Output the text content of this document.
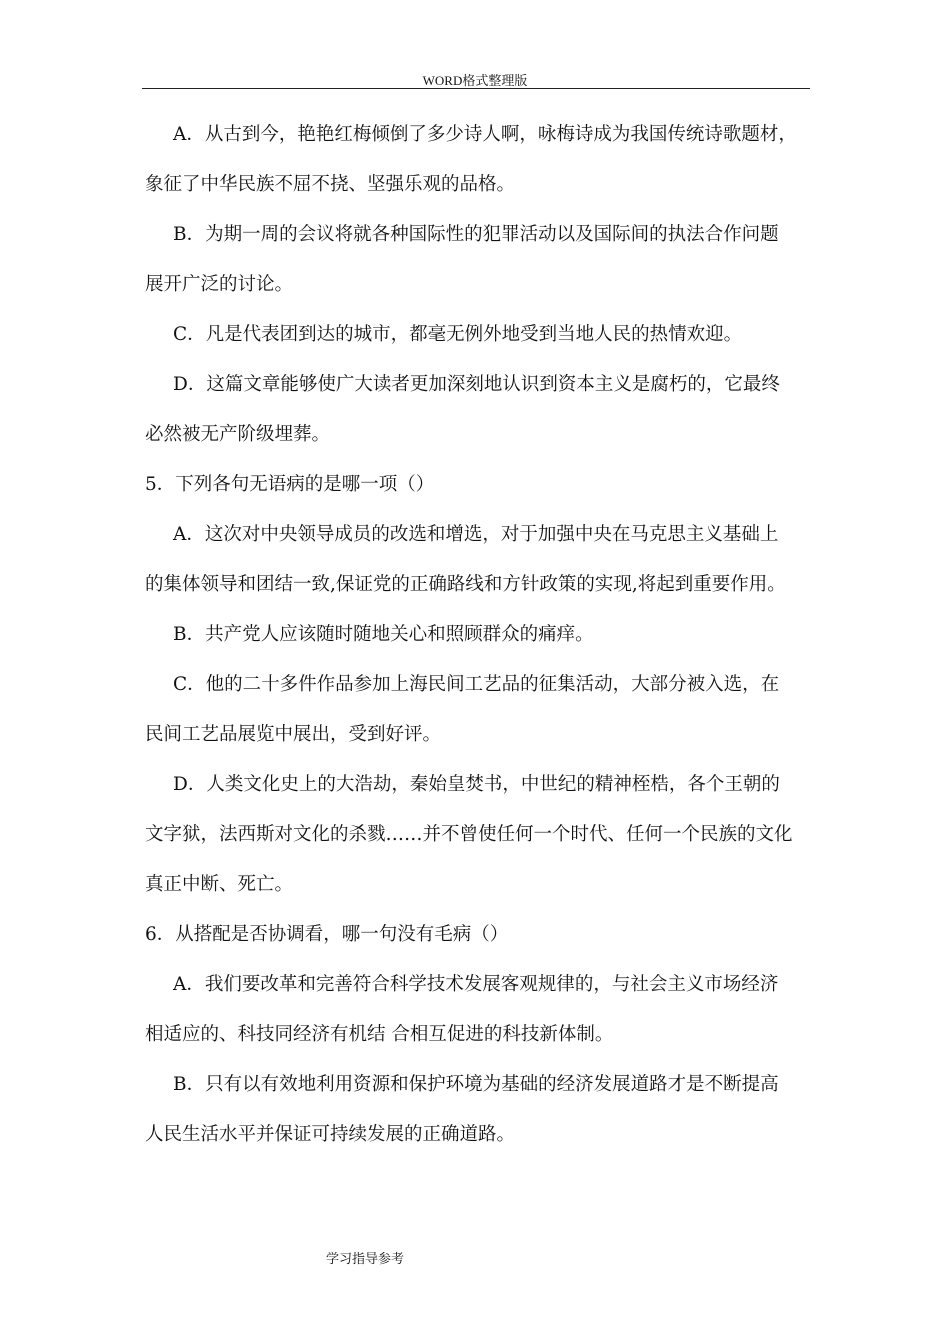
WORD格式整理版
A．从古到今，艳艳红梅倾倒了多少诗人啊，咏梅诗成为我国传统诗歌题材，
象征了中华民族不屈不挠、坚强乐观的品格。
B．为期一周的会议将就各种国际性的犯罪活动以及国际间的执法合作问题
展开广泛的讨论。
C．凡是代表团到达的城市，都毫无例外地受到当地人民的热情欢迎。
D．这篇文章能够使广大读者更加深刻地认识到资本主义是腐朽的，它最终
必然被无产阶级埋葬。
5．下列各句无语病的是哪一项（）
A．这次对中央领导成员的改选和增选，对于加强中央在马克思主义基础上
的集体领导和团结一致,保证党的正确路线和方针政策的实现,将起到重要作用。
B．共产党人应该随时随地关心和照顾群众的痛痒。
C．他的二十多件作品参加上海民间工艺品的征集活动，大部分被入选，在
民间工艺品展览中展出，受到好评。
D．人类文化史上的大浩劫，秦始皇焚书，中世纪的精神桎梏，各个王朝的
文字狱，法西斯对文化的杀戮……并不曾使任何一个时代、任何一个民族的文化
真正中断、死亡。
6．从搭配是否协调看，哪一句没有毛病（）
A．我们要改革和完善符合科学技术发展客观规律的，与社会主义市场经济
相适应的、科技同经济有机结 合相互促进的科技新体制。
B．只有以有效地利用资源和保护环境为基础的经济发展道路才是不断提高
人民生活水平并保证可持续发展的正确道路。
学习指导参考
